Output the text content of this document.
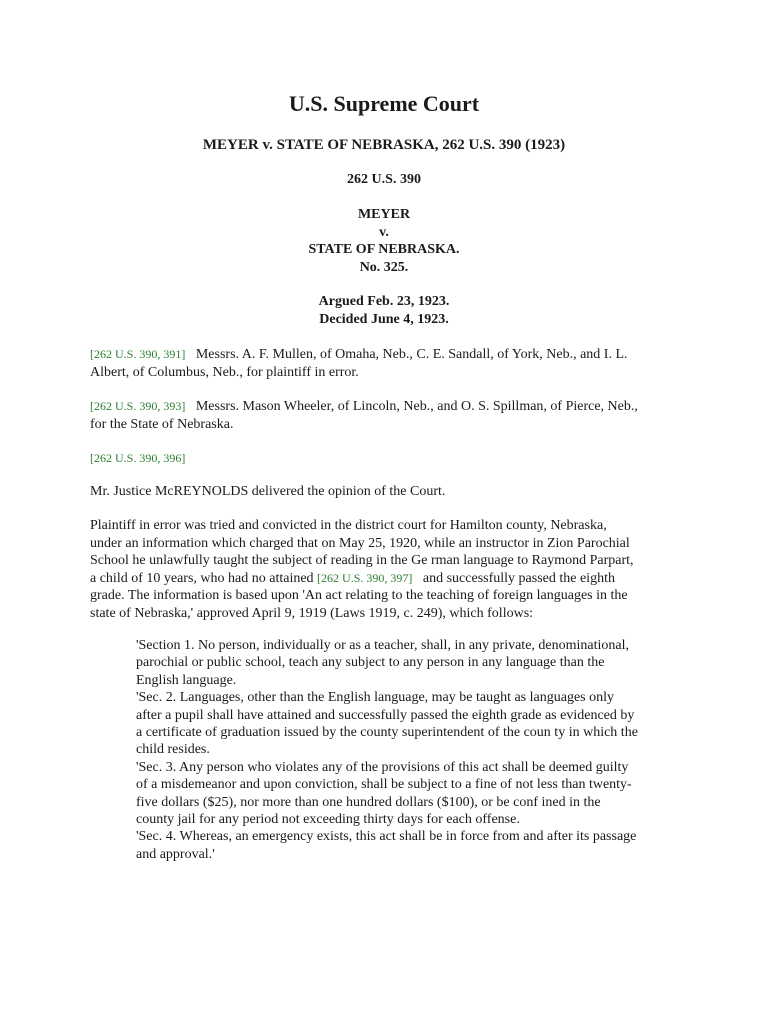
U.S. Supreme Court
MEYER v. STATE OF NEBRASKA, 262 U.S. 390 (1923)
262 U.S. 390
MEYER
v.
STATE OF NEBRASKA.
No. 325.
Argued Feb. 23, 1923.
Decided June 4, 1923.
[262 U.S. 390, 391] Messrs. A. F. Mullen, of Omaha, Neb., C. E. Sandall, of York, Neb., and I. L.
Albert, of Columbus, Neb., for plaintiff in error.
[262 U.S. 390, 393] Messrs. Mason Wheeler, of Lincoln, Neb., and O. S. Spillman, of Pierce, Neb.,
for the State of Nebraska.
[262 U.S. 390, 396]
Mr. Justice McREYNOLDS delivered the opinion of the Court.
Plaintiff in error was tried and convicted in the district court for Hamilton county, Nebraska,
under an information which charged that on May 25, 1920, while an instructor in Zion Parochial
School he unlawfully taught the subject of reading in the Ge rman language to Raymond Parpart,
a child of 10 years, who had no attained [262 U.S. 390, 397] and successfully passed the eighth
grade. The information is based upon 'An act relating to the teaching of foreign languages in the
state of Nebraska,' approved April 9, 1919 (Laws 1919, c. 249), which follows:
'Section 1. No person, individually or as a teacher, shall, in any private, denominational,
parochial or public school, teach any subject to any person in any language than the
English language.
'Sec. 2. Languages, other than the English language, may be taught as languages only
after a pupil shall have attained and successfully passed the eighth grade as evidenced by
a certificate of graduation issued by the county superintendent of the coun ty in which the
child resides.
'Sec. 3. Any person who violates any of the provisions of this act shall be deemed guilty
of a misdemeanor and upon conviction, shall be subject to a fine of not less than twenty-
five dollars ($25), nor more than one hundred dollars ($100), or be conf ined in the
county jail for any period not exceeding thirty days for each offense.
'Sec. 4. Whereas, an emergency exists, this act shall be in force from and after its passage
and approval.'
